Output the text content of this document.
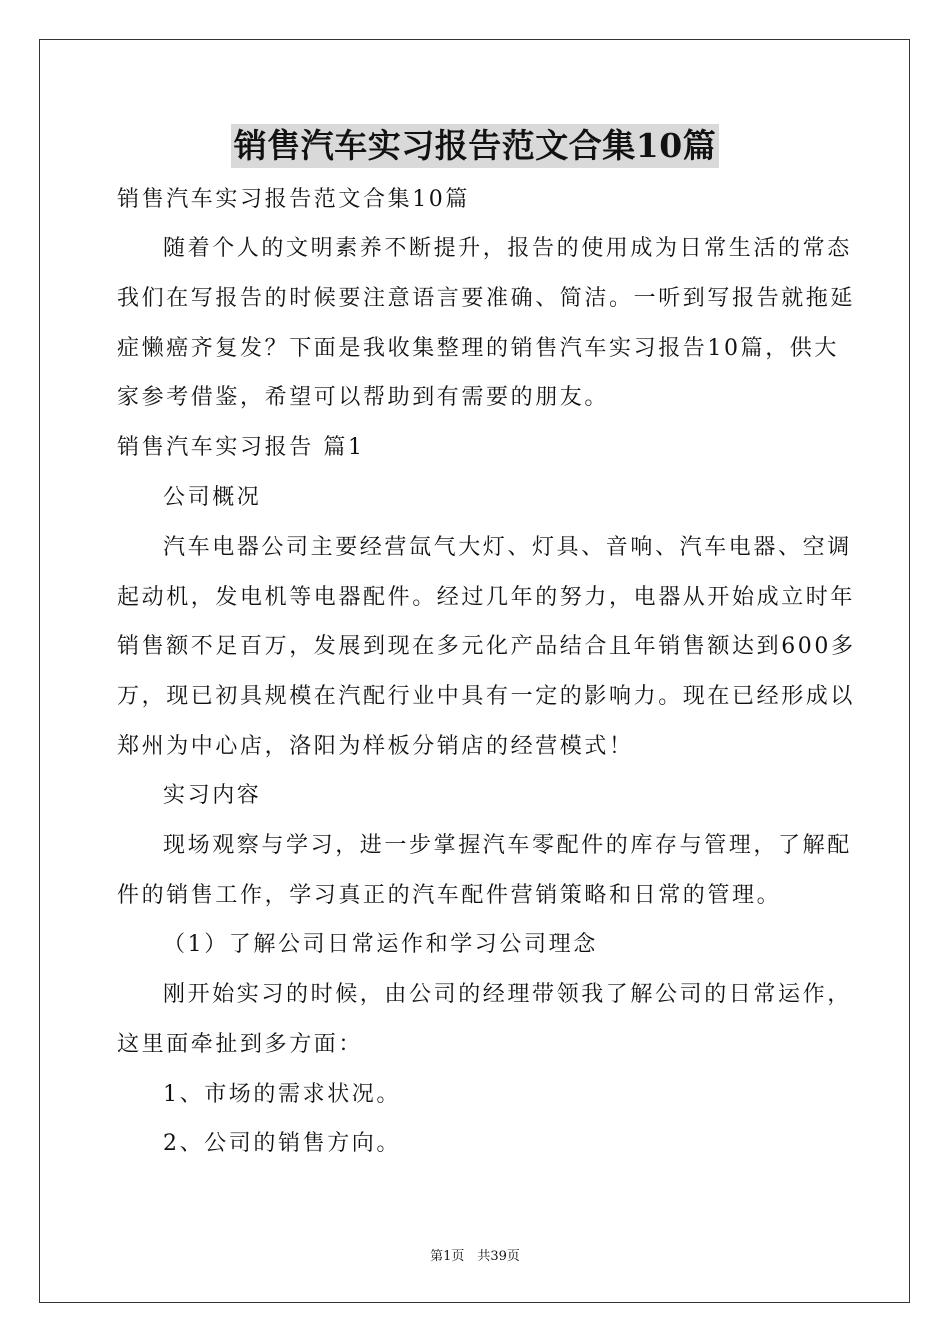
销售汽车实习报告范文合集10篇
销售汽车实习报告范文合集10篇
随着个人的文明素养不断提升，报告的使用成为日常生活的常态
我们在写报告的时候要注意语言要准确、简洁。一听到写报告就拖延
症懒癌齐复发？下面是我收集整理的销售汽车实习报告10篇，供大
家参考借鉴，希望可以帮助到有需要的朋友。
销售汽车实习报告 篇1
公司概况
汽车电器公司主要经营氙气大灯、灯具、音响、汽车电器、空调
起动机，发电机等电器配件。经过几年的努力，电器从开始成立时年
销售额不足百万，发展到现在多元化产品结合且年销售额达到600多
万，现已初具规模在汽配行业中具有一定的影响力。现在已经形成以
郑州为中心店，洛阳为样板分销店的经营模式！
实习内容
现场观察与学习，进一步掌握汽车零配件的库存与管理，了解配
件的销售工作，学习真正的汽车配件营销策略和日常的管理。
（1）了解公司日常运作和学习公司理念
刚开始实习的时候，由公司的经理带领我了解公司的日常运作，
这里面牵扯到多方面：
1、市场的需求状况。
2、公司的销售方向。
第1页　共39页
